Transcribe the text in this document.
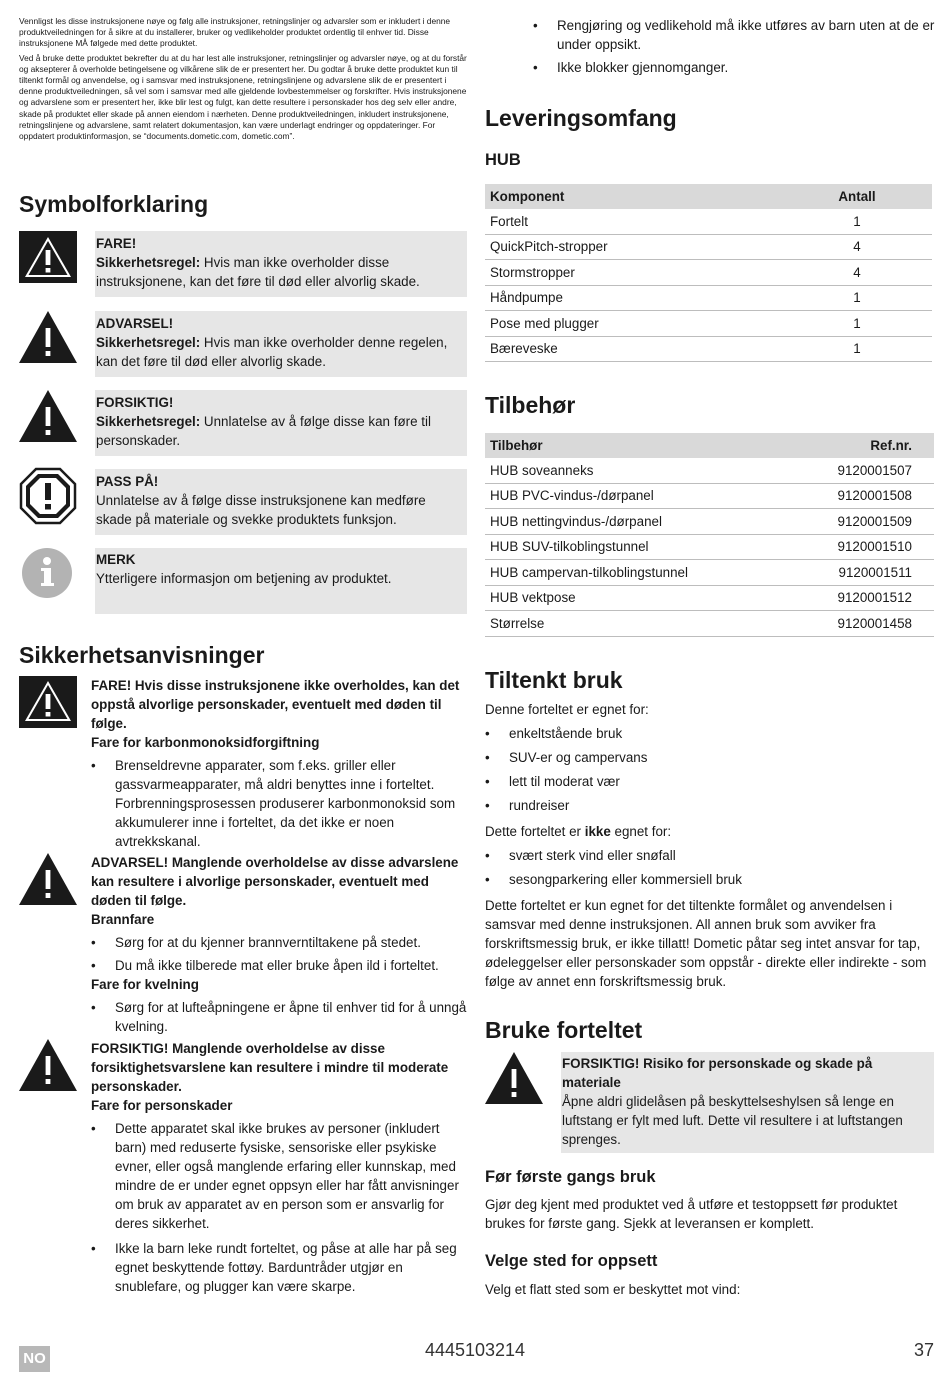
Vennligst les disse instruksjonene nøye og følg alle instruksjoner, retningslinjer og advarsler som er inkludert i denne produktveiledningen for å sikre at du installerer, bruker og vedlikeholder produktet ordentlig til enhver tid. Disse instruksjonene MÅ følgede med dette produktet.

Ved å bruke dette produktet bekrefter du at du har lest alle instruksjoner, retningslinjer og advarsler nøye, og at du forstår og aksepterer å overholde betingelsene og vilkårene slik de er presentert her. Du godtar å bruke dette produktet kun til tiltenkt formål og anvendelse, og i samsvar med instruksjonene, retningslinjene og advarslene slik de er presentert i denne produktveiledningen, så vel som i samsvar med alle gjeldende lovbestemmelser og forskrifter. Hvis instruksjonene og advarslene som er presentert her, ikke blir lest og fulgt, kan dette resultere i personskader hos deg selv eller andre, skade på produktet eller skade på annen eiendom i nærheten. Denne produktveiledningen, inkludert instruksjonene, retningslinjene og advarslene, samt relatert dokumentasjon, kan være underlagt endringer og oppdateringer. For oppdatert produktinformasjon, se “documents.dometic.com, dometic.com”.

Symbolforklaring
FARE!
Sikkerhetsregel: Hvis man ikke overholder disse instruksjonene, kan det føre til død eller alvorlig skade.
ADVARSEL!
Sikkerhetsregel: Hvis man ikke overholder denne regelen, kan det føre til død eller alvorlig skade.
FORSIKTIG!
Sikkerhetsregel: Unnlatelse av å følge disse kan føre til personskader.
PASS PÅ!
Unnlatelse av å følge disse instruksjonene kan medføre skade på materiale og svekke produktets funksjon.
MERK
Ytterligere informasjon om betjening av produktet.
Sikkerhetsanvisninger
FARE! Hvis disse instruksjonene ikke overholdes, kan det oppstå alvorlige personskader, eventuelt med døden til følge.
Fare for karbonmonoksidforgiftning
• Brenseldrevne apparater, som f.eks. griller eller gassvarmeapparater, må aldri benyttes inne i forteltet. Forbrenningsprosessen produserer karbonmonoksid som akkumulerer inne i forteltet, da det ikke er noen avtrekkskanal.
ADVARSEL! Manglende overholdelse av disse advarslene kan resultere i alvorlige personskader, eventuelt med døden til følge.
Brannfare
• Sørg for at du kjenner brannverntiltakene på stedet.
• Du må ikke tilberede mat eller bruke åpen ild i forteltet.
Fare for kvelning
• Sørg for at lufteåpningene er åpne til enhver tid for å unngå kvelning.
FORSIKTIG! Manglende overholdelse av disse forsiktighetsvarslene kan resultere i mindre til moderate personskader.
Fare for personskader
• Dette apparatet skal ikke brukes av personer (inkludert barn) med reduserte fysiske, sensoriske eller psykiske evner, eller også manglende erfaring eller kunnskap, med mindre de er under egnet oppsyn eller har fått anvisninger om bruk av apparatet av en person som er ansvarlig for deres sikkerhet.
• Ikke la barn leke rundt forteltet, og påse at alle har på seg egnet beskyttende fottøy. Barduntråder utgjør en snublefare, og plugger kan være skarpe.
• Rengjøring og vedlikehold må ikke utføres av barn uten at de er under oppsikt.
• Ikke blokker gjennomganger.
Leveringsomfang
HUB
Komponent	Antall
Fortelt	1
QuickPitch-stropper	4
Stormstropper	4
Håndpumpe	1
Pose med plugger	1
Bæreveske	1
Tilbehør
Tilbehør	Ref.nr.
HUB soveanneks	9120001507
HUB PVC-vindus-/dørpanel	9120001508
HUB nettingvindus-/dørpanel	9120001509
HUB SUV-tilkoblingstunnel	9120001510
HUB campervan-tilkoblingstunnel	9120001511
HUB vektpose	9120001512
Størrelse	9120001458
Tiltenkt bruk
Denne forteltet er egnet for:
• enkeltstående bruk
• SUV-er og campervans
• lett til moderat vær
• rundreiser
Dette forteltet er ikke egnet for:
• svært sterk vind eller snøfall
• sesongparkering eller kommersiell bruk
Dette forteltet er kun egnet for det tiltenkte formålet og anvendelsen i samsvar med denne instruksjonen. All annen bruk som avviker fra forskriftsmessig bruk, er ikke tillatt! Dometic påtar seg intet ansvar for tap, ødeleggelser eller personskader som oppstår - direkte eller indirekte - som følge av annet enn forskriftsmessig bruk.
Bruke forteltet
FORSIKTIG! Risiko for personskade og skade på materiale
Åpne aldri glidelåsen på beskyttelseshylsen så lenge en luftstang er fylt med luft. Dette vil resultere i at luftstangen sprenges.
Før første gangs bruk

Gjør deg kjent med produktet ved å utføre et testoppsett før produktet brukes for første gang. Sjekk at leveransen er komplett.

Velge sted for oppsett

Velg et flatt sted som er beskyttet mot vind:

NO	4445103214	37
